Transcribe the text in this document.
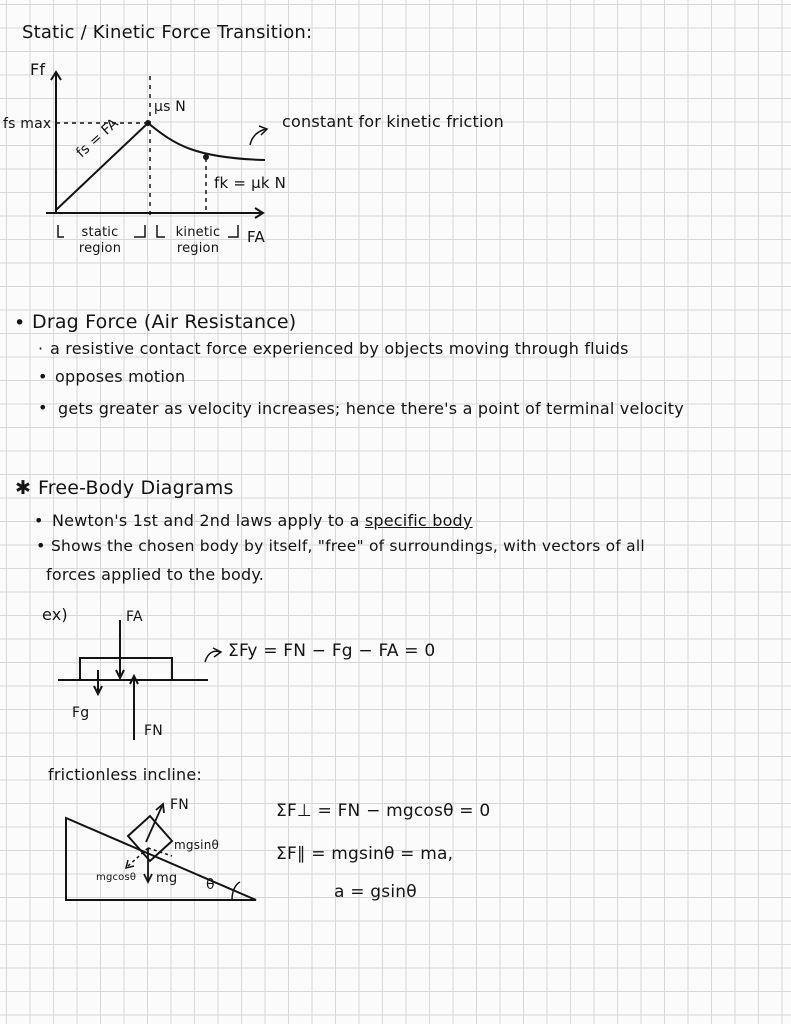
Static / Kinetic Force Transition:
Ff
fs max
μs N
fs = FA
fk = μk N
constant for kinetic friction
FA
static region
kinetic region
• Drag Force (Air Resistance)
· a resistive contact force experienced by objects moving through fluids
• opposes motion
• gets greater as velocity increases; hence there's a point of terminal velocity
✱ Free-Body Diagrams
• Newton's 1st and 2nd laws apply to a specific body
• Shows the chosen body by itself, "free" of surroundings, with vectors of all
forces applied to the body.
ex)	FA
Fg
FN
ΣFy = FN − Fg − FA = 0
frictionless incline:
FN
mgsinθ
mgcosθ mg θ
ΣF⊥ = FN − mgcosθ = 0
ΣF∥ = mgsinθ = ma,
a = gsinθ
